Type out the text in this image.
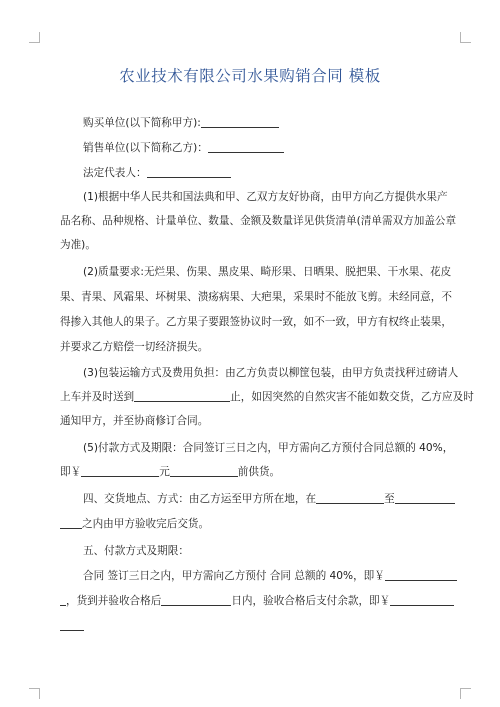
农业技术有限公司水果购销合同 模板
购买单位(以下简称甲方):
销售单位(以下简称乙方)：
法定代表人：
(1)根据中华人民共和国法典和甲、乙双方友好协商，由甲方向乙方提供水果产
品名称、品种规格、计量单位、数量、金额及数量详见供货清单(清单需双方加盖公章
为准)。
(2)质量要求:无烂果、伤果、黑皮果、畸形果、日晒果、脱把果、干水果、花皮
果、青果、风霜果、坏树果、溃疡病果、大疤果，采果时不能放飞剪。未经同意，不
得掺入其他人的果子。乙方果子要跟签协议时一致，如不一致，甲方有权终止装果，
并要求乙方赔偿一切经济损失。
(3)包装运输方式及费用负担：由乙方负责以柳筐包装，由甲方负责找秤过磅请人
上车并及时送到	止，如因突然的自然灾害不能如数交货，乙方应及时
通知甲方，并至协商修订合同。
(5)付款方式及期限：合同签订三日之内，甲方需向乙方预付合同总额的 40%，
即￥	元	前供货。
四、交货地点、方式：由乙方运至甲方所在地，在	至
之内由甲方验收完后交货。
五、付款方式及期限：
合同 签订三日之内，甲方需向乙方预付 合同 总额的 40%，即￥
，货到并验收合格后	日内，验收合格后支付余款，即￥
